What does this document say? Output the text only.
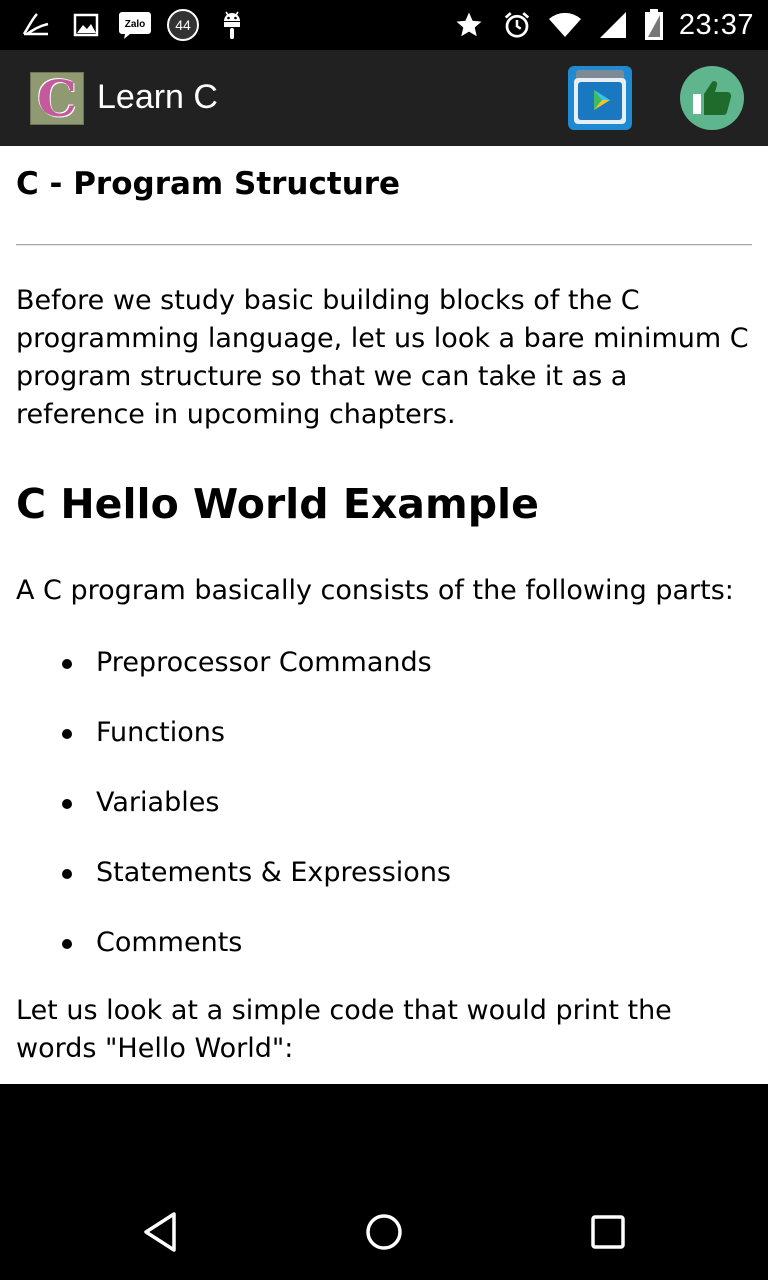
Zalo	44	23:37
C Learn C
C - Program Structure

Before we study basic building blocks of the C programming language, let us look a bare minimum C program structure so that we can take it as a reference in upcoming chapters.

C Hello World Example

A C program basically consists of the following parts:

Preprocessor Commands
Functions
Variables
Statements & Expressions
Comments

Let us look at a simple code that would print the words "Hello World":
